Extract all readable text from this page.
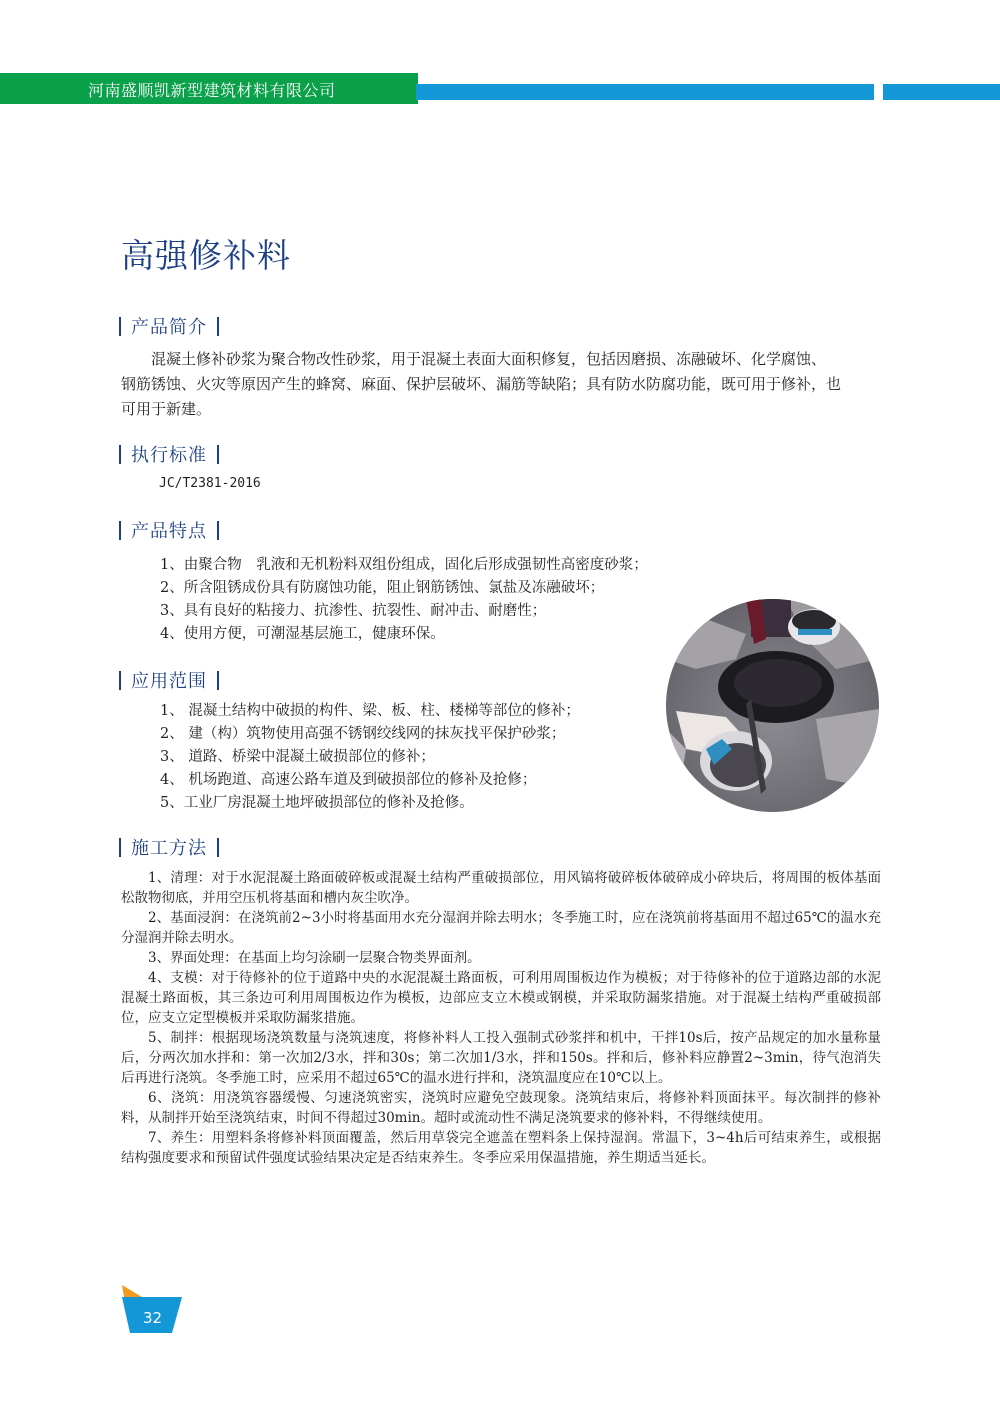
河南盛顺凯新型建筑材料有限公司
高强修补料
产品简介

混凝土修补砂浆为聚合物改性砂浆，用于混凝土表面大面积修复，包括因磨损、冻融破坏、化学腐蚀、

钢筋锈蚀、火灾等原因产生的蜂窝、麻面、保护层破坏、漏筋等缺陷；具有防水防腐功能，既可用于修补，也

可用于新建。

执行标准
JC/T2381-2016
产品特点

1、由聚合物　乳液和无机粉料双组份组成，固化后形成强韧性高密度砂浆；

2、所含阻锈成份具有防腐蚀功能，阻止钢筋锈蚀、氯盐及冻融破坏；

3、具有良好的粘接力、抗渗性、抗裂性、耐冲击、耐磨性；

4、使用方便，可潮湿基层施工，健康环保。

应用范围

1、 混凝土结构中破损的构件、梁、板、柱、楼梯等部位的修补；

2、 建（构）筑物使用高强不锈钢绞线网的抹灰找平保护砂浆；

3、 道路、桥梁中混凝土破损部位的修补；

4、 机场跑道、高速公路车道及到破损部位的修补及抢修；

5、工业厂房混凝土地坪破损部位的修补及抢修。

施工方法

1、清理：对于水泥混凝土路面破碎板或混凝土结构严重破损部位，用风镐将破碎板体破碎成小碎块后，将周围的板体基面松散物彻底，并用空压机将基面和槽内灰尘吹净。

2、基面浸润：在浇筑前2~3小时将基面用水充分湿润并除去明水；冬季施工时，应在浇筑前将基面用不超过65℃的温水充分湿润并除去明水。

3、界面处理：在基面上均匀涂刷一层聚合物类界面剂。

4、支模：对于待修补的位于道路中央的水泥混凝土路面板，可利用周围板边作为模板；对于待修补的位于道路边部的水泥混凝土路面板，其三条边可利用周围板边作为模板，边部应支立木模或钢模，并采取防漏浆措施。对于混凝土结构严重破损部位，应支立定型模板并采取防漏浆措施。

5、制拌：根据现场浇筑数量与浇筑速度，将修补料人工投入强制式砂浆拌和机中，干拌10s后，按产品规定的加水量称量后，分两次加水拌和：第一次加2/3水，拌和30s；第二次加1/3水，拌和150s。拌和后，修补料应静置2~3min，待气泡消失后再进行浇筑。冬季施工时，应采用不超过65℃的温水进行拌和，浇筑温度应在10℃以上。

6、浇筑：用浇筑容器缓慢、匀速浇筑密实，浇筑时应避免空鼓现象。浇筑结束后，将修补料顶面抹平。每次制拌的修补料，从制拌开始至浇筑结束，时间不得超过30min。超时或流动性不满足浇筑要求的修补料，不得继续使用。

7、养生：用塑料条将修补料顶面覆盖，然后用草袋完全遮盖在塑料条上保持湿润。常温下，3~4h后可结束养生，或根据结构强度要求和预留试件强度试验结果决定是否结束养生。冬季应采用保温措施，养生期适当延长。

32
